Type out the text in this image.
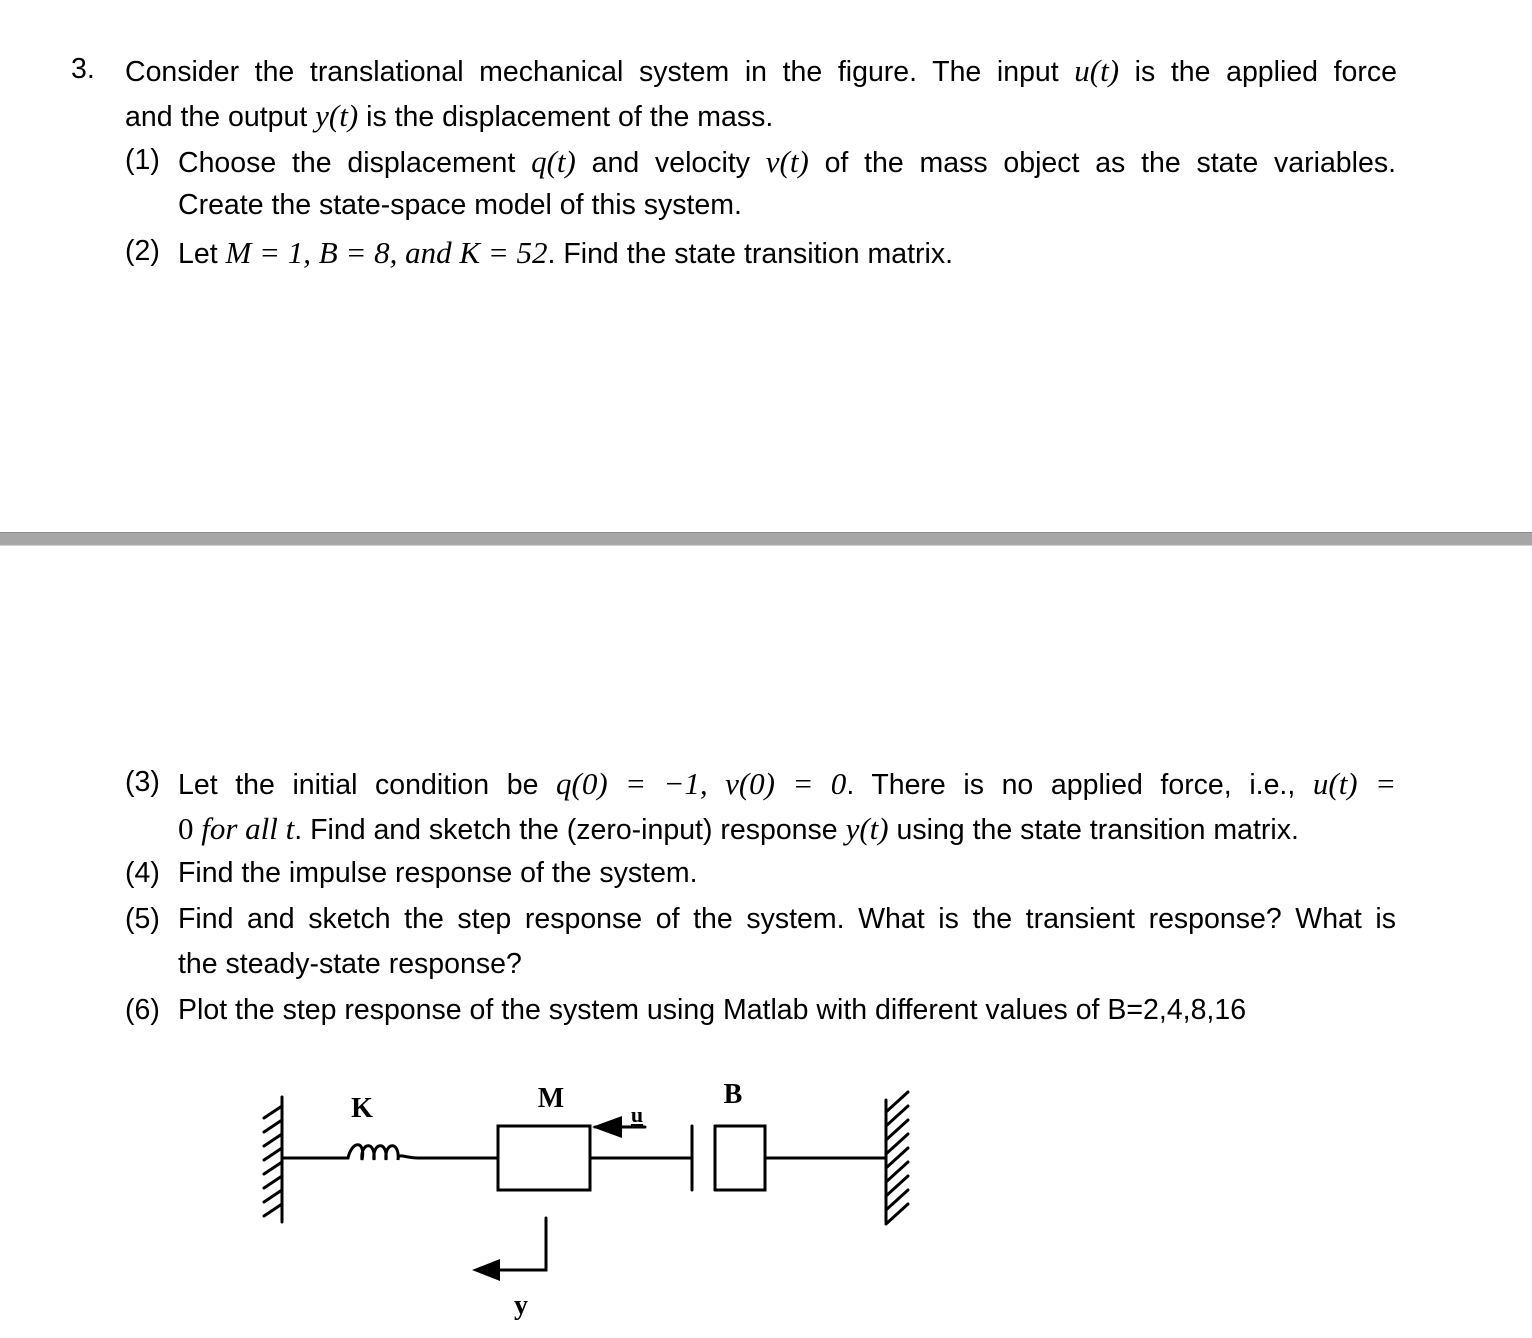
3. Consider the translational mechanical system in the figure. The input u(t) is the applied force
and the output y(t) is the displacement of the mass.
(1) Choose the displacement q(t) and velocity v(t) of the mass object as the state variables.
Create the state-space model of this system.
(2) Let M = 1, B = 8, and K = 52. Find the state transition matrix.
(3) Let the initial condition be q(0) = −1, v(0) = 0. There is no applied force, i.e., u(t) =
0 for all t. Find and sketch the (zero-input) response y(t) using the state transition matrix.
(4) Find the impulse response of the system.
(5) Find and sketch the step response of the system. What is the transient response? What is
the steady-state response?
(6) Plot the step response of the system using Matlab with different values of B=2,4,8,16
K	M	B
u
y
